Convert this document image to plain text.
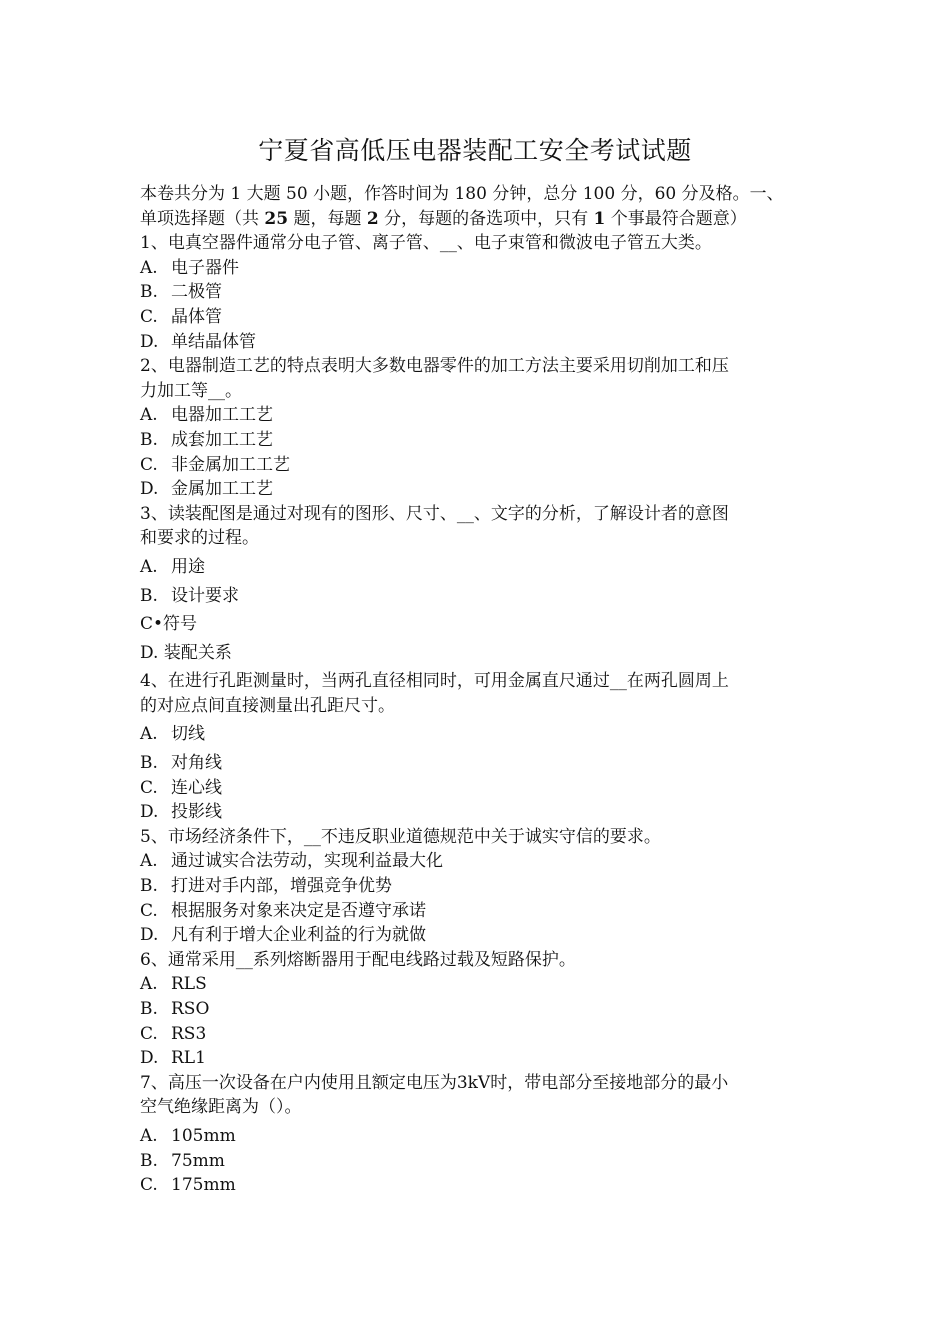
宁夏省高低压电器装配工安全考试试题
本卷共分为 1 大题 50 小题，作答时间为 180 分钟，总分 100 分，60 分及格。一、
单项选择题（共 25 题，每题 2 分，每题的备选项中，只有 1 个事最符合题意）
1、电真空器件通常分电子管、离子管、__、电子束管和微波电子管五大类。
A. 电子器件
B. 二极管
C. 晶体管
D. 单结晶体管
2、电器制造工艺的特点表明大多数电器零件的加工方法主要采用切削加工和压
力加工等__。
A. 电器加工工艺
B. 成套加工工艺
C. 非金属加工工艺
D. 金属加工工艺
3、读装配图是通过对现有的图形、尺寸、__、文字的分析，了解设计者的意图
和要求的过程。
A. 用途
B. 设计要求
C•符号
D. 装配关系
4、在进行孔距测量时，当两孔直径相同时，可用金属直尺通过__在两孔圆周上
的对应点间直接测量出孔距尺寸。
A. 切线
B. 对角线
C. 连心线
D. 投影线
5、市场经济条件下，__不违反职业道德规范中关于诚实守信的要求。
A. 通过诚实合法劳动，实现利益最大化
B. 打进对手内部，增强竞争优势
C. 根据服务对象来决定是否遵守承诺
D. 凡有利于增大企业利益的行为就做
6、通常采用__系列熔断器用于配电线路过载及短路保护。
A. RLS
B. RSO
C. RS3
D. RL1
7、高压一次设备在户内使用且额定电压为3kV时，带电部分至接地部分的最小
空气绝缘距离为（）。
A. 105mm
B. 75mm
C. 175mm
